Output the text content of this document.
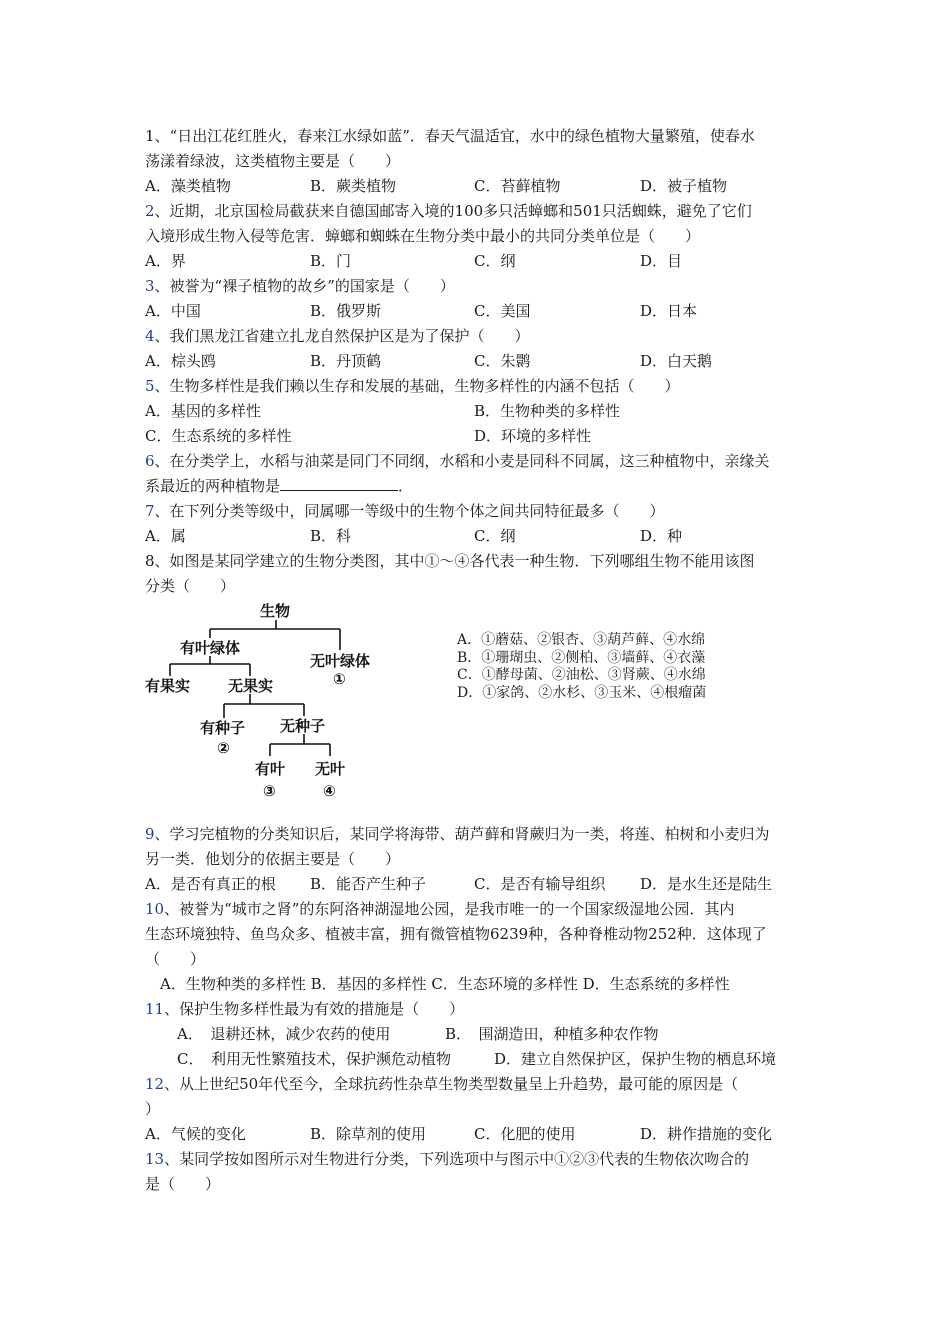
1、“日出江花红胜火，春来江水绿如蓝”．春天气温适宜，水中的绿色植物大量繁殖，使春水
荡漾着绿波，这类植物主要是（　　）
A．藻类植物	B．蕨类植物	C．苔藓植物	D．被子植物
2、近期，北京国检局截获来自德国邮寄入境的100多只活蟑螂和501只活蜘蛛，避免了它们
入境形成生物入侵等危害．蟑螂和蜘蛛在生物分类中最小的共同分类单位是（　　）
A．界	B．门	C．纲	D．目
3、被誉为“裸子植物的故乡”的国家是（　　）
A．中国	B．俄罗斯	C．美国	D．日本
4、我们黑龙江省建立扎龙自然保护区是为了保护（　　）
A．棕头鸥	B．丹顶鹤	C．朱鹮	D．白天鹅
5、生物多样性是我们赖以生存和发展的基础，生物多样性的内涵不包括（　　）
A．基因的多样性	B．生物种类的多样性
C．生态系统的多样性	D．环境的多样性
6、在分类学上，水稻与油菜是同门不同纲，水稻和小麦是同科不同属，这三种植物中，亲缘关
系最近的两种植物是	．
7、在下列分类等级中，同属哪一等级中的生物个体之间共同特征最多（　　）
A．属	B．科	C．纲	D．种
8、如图是某同学建立的生物分类图，其中①～④各代表一种生物．下列哪组生物不能用该图
分类（　　）
生物
有叶绿体
无叶绿体
①
有果实	无果实
有种子
②
无种子
有叶
③
无叶
④
A．①蘑菇、②银杏、③葫芦藓、④水绵
B．①珊瑚虫、②侧柏、③墙藓、④衣藻
C．①酵母菌、②油松、③肾蕨、④水绵
D．①家鸽、②水杉、③玉米、④根瘤菌
9、学习完植物的分类知识后，某同学将海带、葫芦藓和肾蕨归为一类，将莲、柏树和小麦归为
另一类．他划分的依据主要是（　　）
A．是否有真正的根 B．能否产生种子	C．是否有输导组织 D．是水生还是陆生
10、被誉为“城市之肾”的东阿洛神湖湿地公园，是我市唯一的一个国家级湿地公园．其内
生态环境独特、鱼鸟众多、植被丰富，拥有微管植物6239种，各种脊椎动物252种．这体现了
（　　）
A．生物种类的多样性 B．基因的多样性 C．生态环境的多样性 D．生态系统的多样性
11、保护生物多样性最为有效的措施是（　　）
A．　退耕还林，减少农药的使用	B．　围湖造田，种植多种农作物
C．　利用无性繁殖技术，保护濒危动植物	D．建立自然保护区，保护生物的栖息环境
12、从上世纪50年代至今，全球抗药性杂草生物类型数量呈上升趋势，最可能的原因是（
）
A．气候的变化	B．除草剂的使用	C．化肥的使用	D．耕作措施的变化
13、某同学按如图所示对生物进行分类，下列选项中与图示中①②③代表的生物依次吻合的
是（　　）
